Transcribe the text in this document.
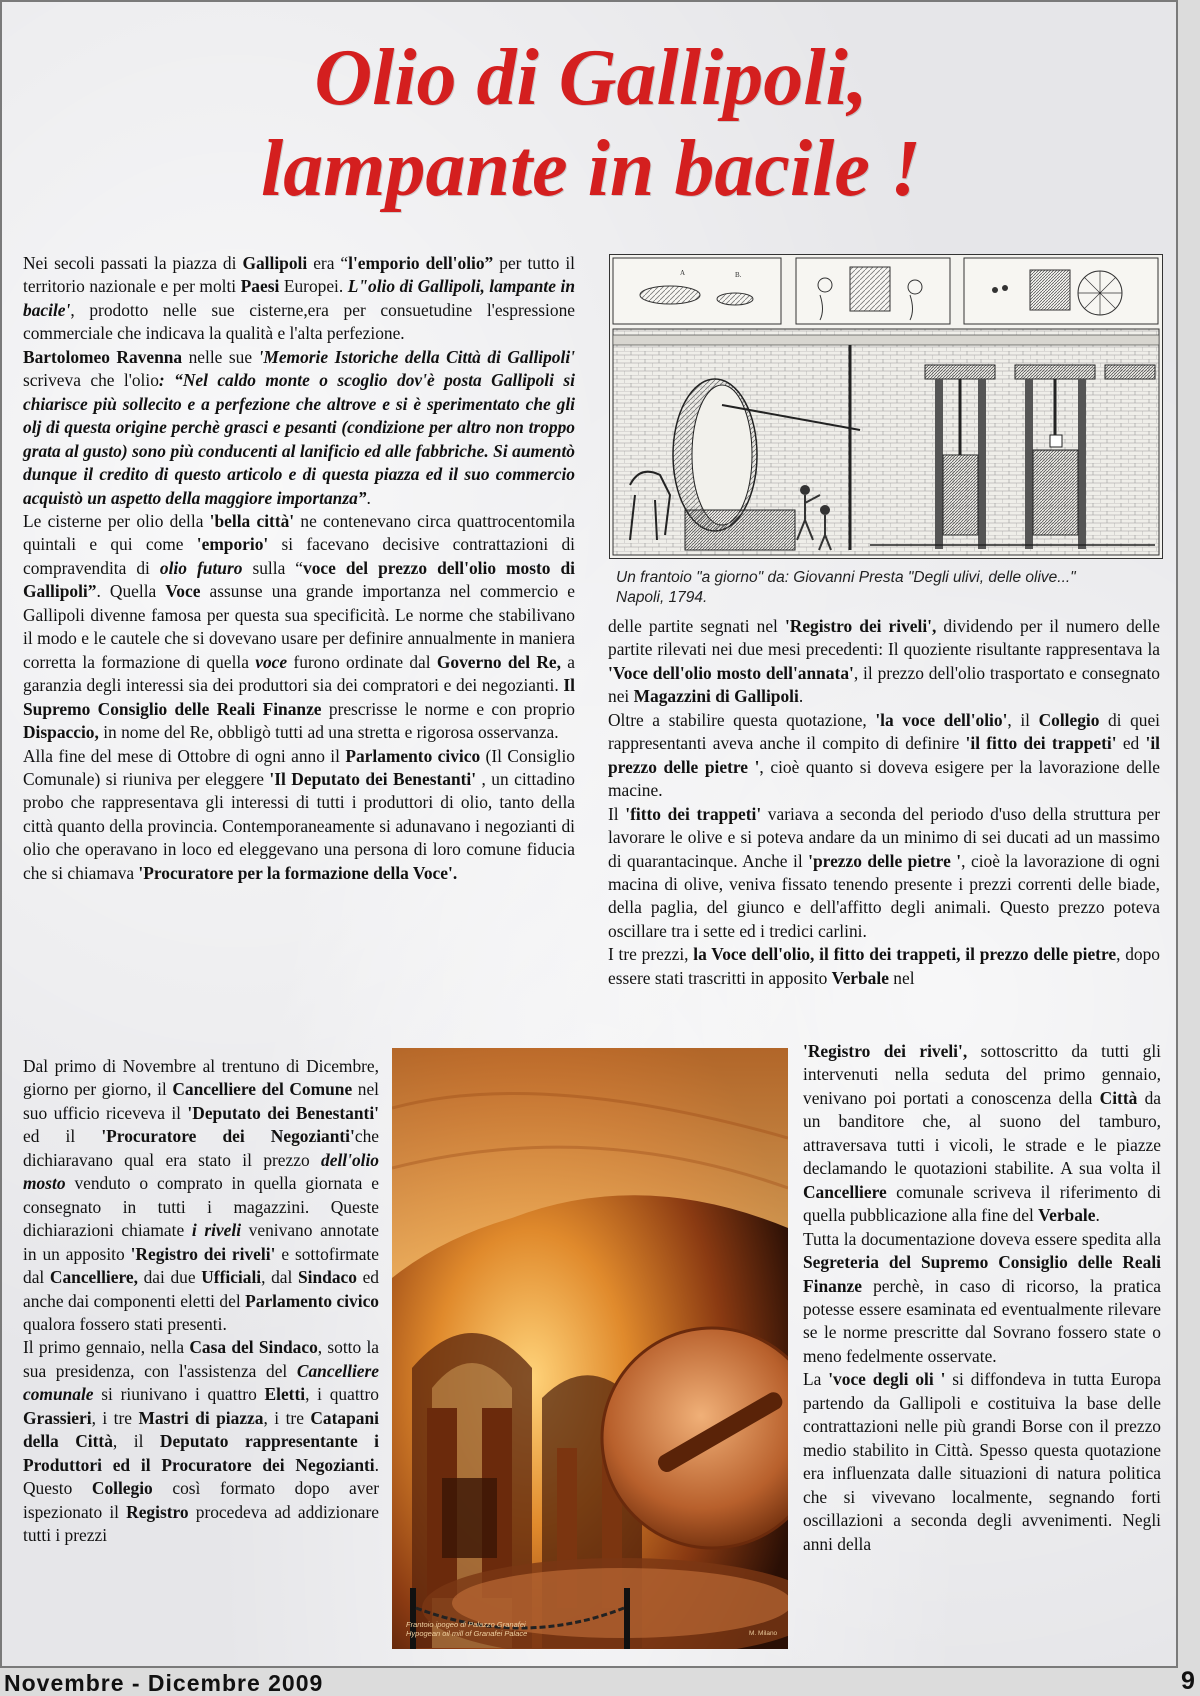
Olio di Gallipoli,
lampante in bacile !

Nei secoli passati la piazza di Gallipoli era “l'emporio dell'olio” per tutto il territorio nazionale e per molti Paesi Europei. L"olio di Gallipoli, lampante in bacile', prodotto nelle sue cisterne,era per consuetudine l'espressione commerciale che indicava la qualità e l'alta perfezione.

Bartolomeo Ravenna nelle sue 'Memorie Istoriche della Città di Gallipoli' scriveva che l'olio: “Nel caldo monte o scoglio dov'è posta Gallipoli si chiarisce più sollecito e a perfezione che altrove e si è sperimentato che gli olj di questa origine perchè grasci e pesanti (condizione per altro non troppo grata al gusto) sono più conducenti al lanificio ed alle fabbriche. Si aumentò dunque il credito di questo articolo e di questa piazza ed il suo commercio acquistò un aspetto della maggiore importanza”.

Le cisterne per olio della 'bella città' ne contenevano circa quattrocentomila quintali e qui come 'emporio' si facevano decisive contrattazioni di compravendita di olio futuro sulla “voce del prezzo dell'olio mosto di Gallipoli”. Quella Voce assunse una grande importanza nel commercio e Gallipoli divenne famosa per questa sua specificità. Le norme che stabilivano il modo e le cautele che si dovevano usare per definire annualmente in maniera corretta la formazione di quella voce furono ordinate dal Governo del Re, a garanzia degli interessi sia dei produttori sia dei compratori e dei negozianti. Il Supremo Consiglio delle Reali Finanze prescrisse le norme e con proprio Dispaccio, in nome del Re, obbligò tutti ad una stretta e rigorosa osservanza.

Alla fine del mese di Ottobre di ogni anno il Parlamento civico (Il Consiglio Comunale) si riuniva per eleggere 'Il Deputato dei Benestanti' , un cittadino probo che rappresentava gli interessi di tutti i produttori di olio, tanto della città quanto della provincia. Contemporaneamente si adunavano i negozianti di olio che operavano in loco ed eleggevano una persona di loro comune fiducia che si chiamava 'Procuratore per la formazione della Voce'.

Dal primo di Novembre al trentuno di Dicembre, giorno per giorno, il Cancelliere del Comune nel suo ufficio riceveva il 'Deputato dei Benestanti' ed il 'Procuratore dei Negozianti'che dichiaravano qual era stato il prezzo dell'olio mosto venduto o comprato in quella giornata e consegnato in tutti i magazzini. Queste dichiarazioni chiamate i riveli venivano annotate in un apposito 'Registro dei riveli' e sottofirmate dal Cancelliere, dai due Ufficiali, dal Sindaco ed anche dai componenti eletti del Parlamento civico qualora fossero stati presenti.

Il primo gennaio, nella Casa del Sindaco, sotto la sua presidenza, con l'assistenza del Cancelliere comunale si riunivano i quattro Eletti, i quattro Grassieri, i tre Mastri di piazza, i tre Catapani della Città, il Deputato rappresentante i Produttori ed il Procuratore dei Negozianti. Questo Collegio così formato dopo aver ispezionato il Registro procedeva ad addizionare tutti i prezzi

delle partite segnati nel 'Registro dei riveli', dividendo per il numero delle partite rilevati nei due mesi precedenti: Il quoziente risultante rappresentava la 'Voce dell'olio mosto dell'annata', il prezzo dell'olio trasportato e consegnato nei Magazzini di Gallipoli.

Oltre a stabilire questa quotazione, 'la voce dell'olio', il Collegio di quei rappresentanti aveva anche il compito di definire 'il fitto dei trappeti' ed 'il prezzo delle pietre ', cioè quanto si doveva esigere per la lavorazione delle macine.

Il 'fitto dei trappeti' variava a seconda del periodo d'uso della struttura per lavorare le olive e si poteva andare da un minimo di sei ducati ad un massimo di quarantacinque. Anche il 'prezzo delle pietre ', cioè la lavorazione di ogni macina di olive, veniva fissato tenendo presente i prezzi correnti delle biade, della paglia, del giunco e dell'affitto degli animali. Questo prezzo poteva oscillare tra i sette ed i tredici carlini.

I tre prezzi, la Voce dell'olio, il fitto dei trappeti, il prezzo delle pietre, dopo essere stati trascritti in apposito Verbale nel

'Registro dei riveli', sottoscritto da tutti gli intervenuti nella seduta del primo gennaio, venivano poi portati a conoscenza della Città da un banditore che, al suono del tamburo, attraversava tutti i vicoli, le strade e le piazze declamando le quotazioni stabilite. A sua volta il Cancelliere comunale scriveva il riferimento di quella pubblicazione alla fine del Verbale.

Tutta la documentazione doveva essere spedita alla Segreteria del Supremo Consiglio delle Reali Finanze perchè, in caso di ricorso, la pratica potesse essere esaminata ed eventualmente rilevare se le norme prescritte dal Sovrano fossero state o meno fedelmente osservate.

La 'voce degli oli ' si diffondeva in tutta Europa partendo da Gallipoli e costituiva la base delle contrattazioni nelle più grandi Borse con il prezzo medio stabilito in Città. Spesso questa quotazione era influenzata dalle situazioni di natura politica che si vivevano localmente, segnando forti oscillazioni a seconda degli avvenimenti. Negli anni della

A	B.
Un frantoio "a giorno" da: Giovanni Presta "Degli ulivi, delle olive..."
Napoli, 1794.
Frantoio ipogeo di Palazzo Granafei
Hypogean oil mill of Granafei Palace	M. Milano
Novembre - Dicembre 2009	9
